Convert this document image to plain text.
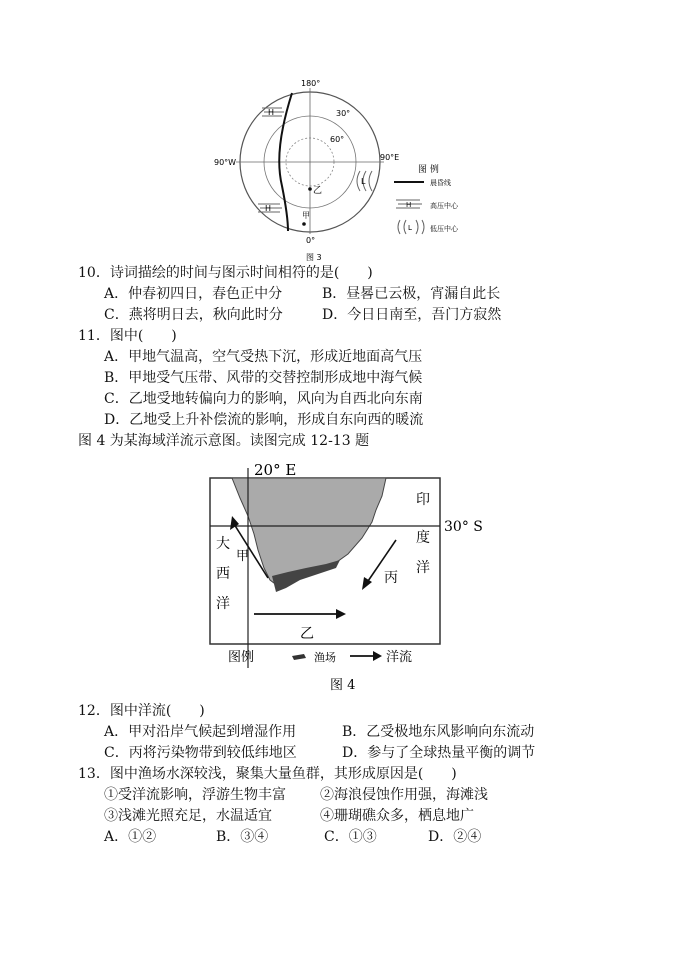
H
H
L
乙
甲
180°
90°W
90°E
0°
30°
60°
图 例
晨昏线
H	高压中心
L	低压中心
图 3
10．诗词描绘的时间与图示时间相符的是(　　)
A．仲春初四日，春色正中分	B．昼晷已云极，宵漏自此长
C．燕将明日去，秋向此时分	D．今日日南至，吾门方寂然
11．图中(　　)
A．甲地气温高，空气受热下沉，形成近地面高气压
B．甲地受气压带、风带的交替控制形成地中海气候
C．乙地受地转偏向力的影响，风向为自西北向东南
D．乙地受上升补偿流的影响，形成自东向西的暖流
图 4 为某海域洋流示意图。读图完成 12-13 题
20° E
30° S
大
西
洋
印
度
洋
甲
丙
乙
图例	渔场	洋流
图 4
12．图中洋流(　　)
A．甲对沿岸气候起到增湿作用	B．乙受极地东风影响向东流动
C．丙将污染物带到较低纬地区	D．参与了全球热量平衡的调节
13．图中渔场水深较浅，聚集大量鱼群，其形成原因是(　　)
①受洋流影响，浮游生物丰富 ②海浪侵蚀作用强，海滩浅
③浅滩光照充足，水温适宜	④珊瑚礁众多，栖息地广
A．①②	B．③④	C．①③	D．②④
